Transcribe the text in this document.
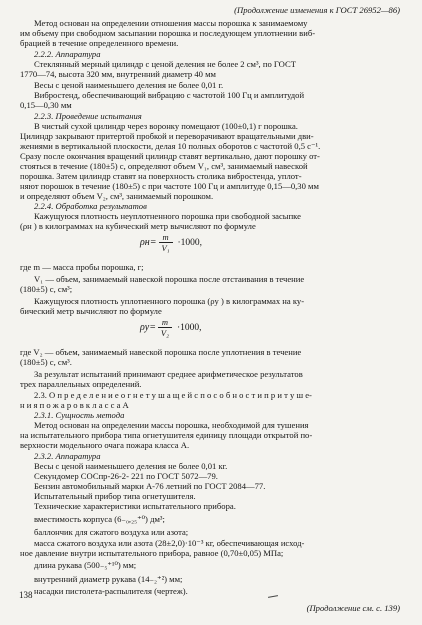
(Продолжение изменения к ГОСТ 26952—86)
Метод основан на определении отношения массы порошка к занимаемому
им объему при свободном засыпании порошка и последующем уплотнении виб-
брацией в течение определенного времени.
2.2.2. Аппаратура
Стеклянный мерный цилиндр с ценой деления не более 2 см³, по ГОСТ
1770—74, высота 320 мм, внутренний диаметр 40 мм
Весы с ценой наименьшего деления не более 0,01 г.
Вибростенд, обеспечивающий вибрацию с частотой 100 Гц и амплитудой
0,15—0,30 мм
2.2.3. Проведение испытания
В чистый сухой цилиндр через воронку помещают (100±0,1) г порошка.
Цилиндр закрывают притертой пробкой и переворачивают вращательными дви-
жениями в вертикальной плоскости, делая 10 полных оборотов с частотой 0,5 с⁻¹.
Сразу после окончания вращений цилиндр ставят вертикально, дают порошку от-
стояться в течение (180±5) с, определяют объем V₁, см³, занимаемый навеской
порошка. Затем цилиндр ставят на поверхность столика вибростенда, уплот-
няют порошок в течение (180±5) с при частоте 100 Гц и амплитуде 0,15—0,30 мм
и определяют объем V₂, см³, занимаемый порошком.
2.2.4. Обработка результатов
Кажущуюся плотность неуплотненного порошка при свободной засыпке
(ρн ) в килограммах на кубический метр вычисляют по формуле
$\rho н= \frac{m}{\text{V₁}} \cdot 1000$,
где m — масса пробы порошка, г;
V₁ — объем, занимаемый навеской порошка после отстаивания в течение
(180±5) с, см³;
Кажущуюся плотность уплотненного порошка (ρу ) в килограммах на ку-
бический метр вычисляют по формуле
$\rho у= \frac{m}{\text{V₂}} \cdot 1000$,
где V₂ — объем, занимаемый навеской порошка после уплотнения в течение
(180±5) с, см³.
За результат испытаний принимают среднее арифметическое результатов
трех параллельных определений.
2.3. О п р е д е л е н и е о г н е т у ш а щ е й с п о с о б н о с т и п р и т у ш е-
н и я п о ж а р о в к л а с с а А
2.3.1. Сущность метода
Метод основан на определении массы порошка, необходимой для тушения
на испытательного прибора типа огнетушителя единицу площади открытой по-
верхности модельного очага пожара класса А.
2.3.2. Аппаратура
Весы с ценой наименьшего деления не более 0,01 кг.
Секундомер СОСпр-26-2- 221 по ГОСТ 5072—79.
Бензин автомобильный марки А-76 летний по ГОСТ 2084—77.
Испытательный прибор типа огнетушителя.
Технические характеристики испытательного прибора.
вместимость корпуса (6₋₀,₂₅⁺⁰) дм³;
баллончик для сжатого воздуха или азота;
масса сжатого воздуха или азота (28±2,0)·10⁻³ кг, обеспечивающая исход-
ное давление внутри испытательного прибора, равное (0,70±0,05) МПа;
длина рукава (500₋₅⁺¹⁰) мм;
внутренний диаметр рукава (14₋₂⁺²) мм;
насадки пистолета-распылителя (чертеж).
(Продолжение см. с. 139)
138
